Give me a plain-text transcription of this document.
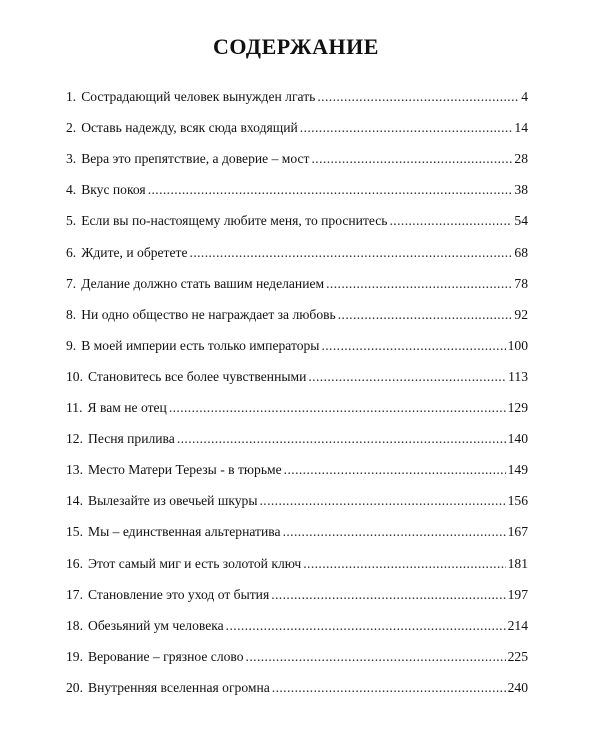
СОДЕРЖАНИЕ
1. Сострадающий человек вынужден лгать .....	4
2. Оставь надежду, всяк сюда входящий .....	14
3. Вера это препятствие, а доверие – мост .....	28
4. Вкус покоя .....	38
5. Если вы по-настоящему любите меня, то проснитесь .....	54
6. Ждите, и обретете .....	68
7. Делание должно стать вашим неделанием .....	78
8. Ни одно общество не награждает за любовь .....	92
9. В моей империи есть только императоры .....	100
10. Становитесь все более чувственными .....	113
11. Я вам не отец .....	129
12. Песня прилива .....	140
13. Место Матери Терезы - в тюрьме .....	149
14. Вылезайте из овечьей шкуры .....	156
15. Мы – единственная альтернатива .....	167
16. Этот самый миг и есть золотой ключ .....	181
17. Становление это уход от бытия .....	197
18. Обезьяний ум человека .....	214
19. Верование – грязное слово .....	225
20. Внутренняя вселенная огромна .....	240
